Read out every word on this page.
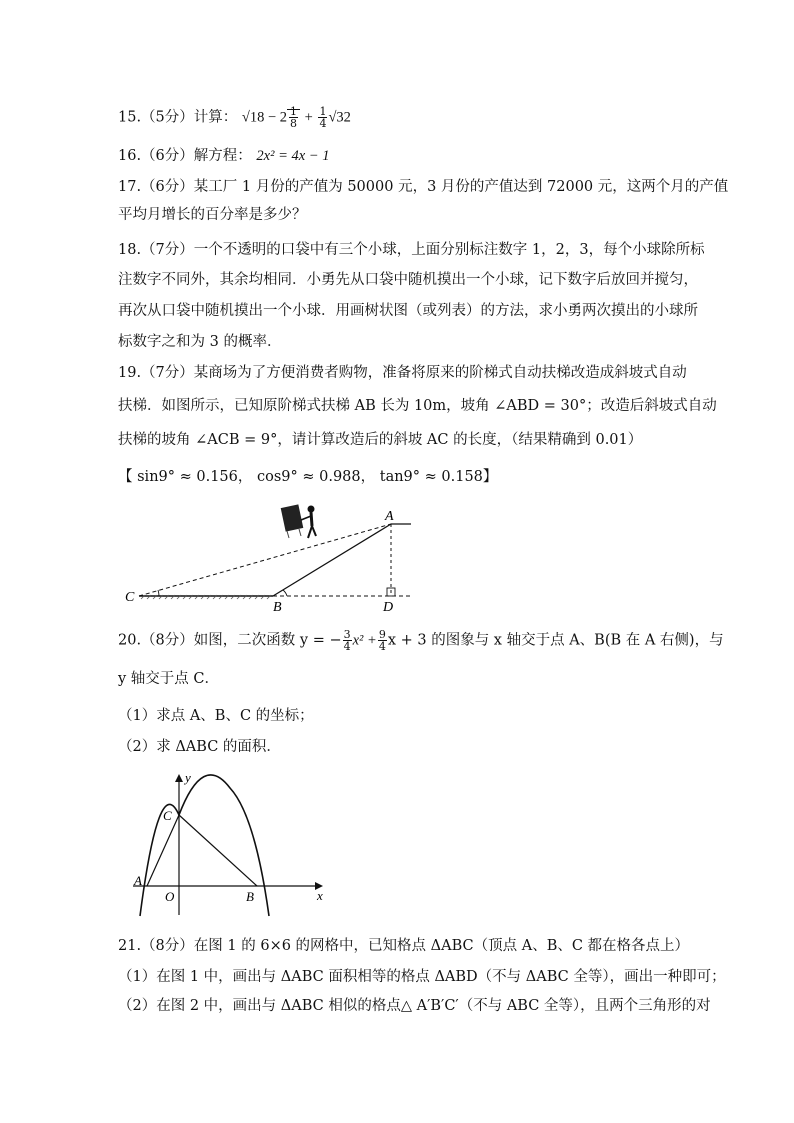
15.（5分）计算： $√18 - 2 \frac{1}{8} + \frac{1}{4} √32$
16.（6分）解方程： 2x² = 4x − 1
17.（6分）某工厂 1 月份的产值为 50000 元，3 月份的产值达到 72000 元，这两个月的产值
平均月增长的百分率是多少？
18.（7分）一个不透明的口袋中有三个小球，上面分别标注数字 1，2，3，每个小球除所标
注数字不同外，其余均相同．小勇先从口袋中随机摸出一个小球，记下数字后放回并搅匀，
再次从口袋中随机摸出一个小球．用画树状图（或列表）的方法，求小勇两次摸出的小球所
标数字之和为 3 的概率．
19.（7分）某商场为了方便消费者购物，准备将原来的阶梯式自动扶梯改造成斜坡式自动
扶梯．如图所示，已知原阶梯式扶梯 AB 长为 10m，坡角 ∠ABD = 30°；改造后斜坡式自动
扶梯的坡角 ∠ACB = 9°，请计算改造后的斜坡 AC 的长度，（结果精确到 0.01）
【 sin9° ≈ 0.156， cos9° ≈ 0.988， tan9° ≈ 0.158】
C
B
A
D
20.（8分）如图，二次函数 y = − $\frac{3}{4} x^2 + \frac{9}{4}$ x + 3 的图象与 x 轴交于点 A、B(B 在 A 右侧)，与
y 轴交于点 C．
（1）求点 A、B、C 的坐标；
（2）求 ΔABC 的面积．
y
x
C
A
O	B
21.（8分）在图 1 的 6×6 的网格中，已知格点 ΔABC（顶点 A、B、C 都在格各点上）
（1）在图 1 中，画出与 ΔABC 面积相等的格点 ΔABD（不与 ΔABC 全等），画出一种即可；
（2）在图 2 中，画出与 ΔABC 相似的格点△ A′B′C′（不与 ABC 全等），且两个三角形的对
